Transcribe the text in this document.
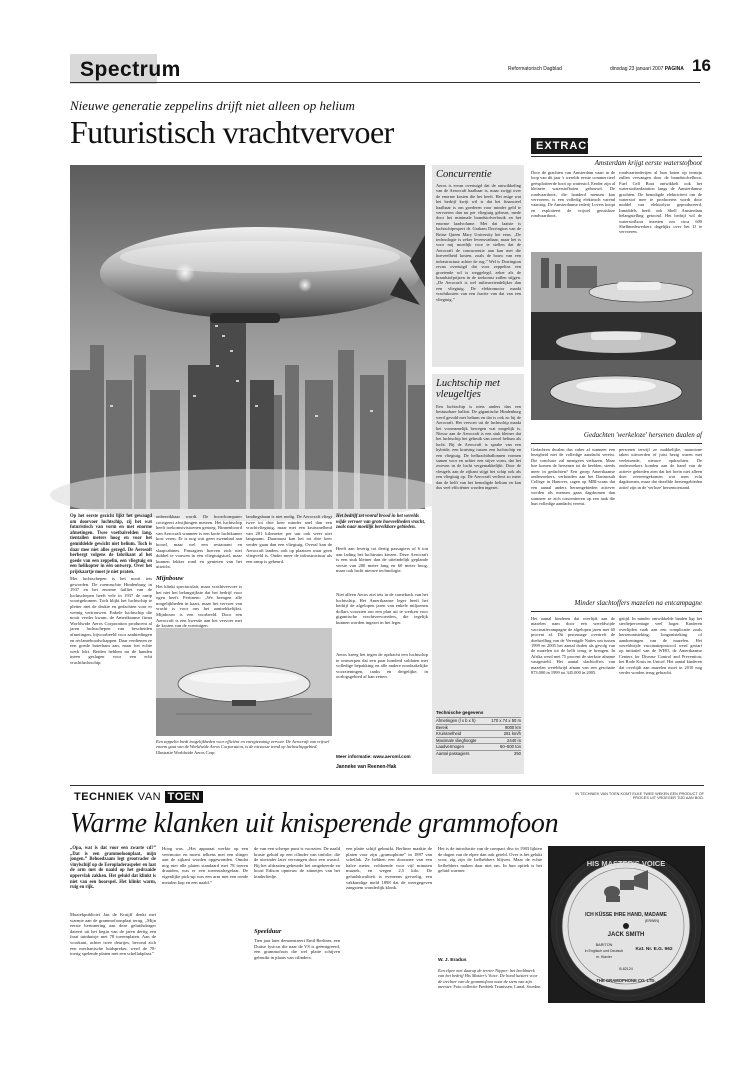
Spectrum	Reformatorisch Dagblad	dinsdag 23 januari 2007 PAGINA 16
Nieuwe generatie zeppelins drijft niet alleen op helium
Futuristisch vrachtvervoer
Concurrentie
Aeros is ervan overtuigd dat de ontwikkeling van de Aerocraft haalbaar is, maar zwijgt over de enorme kosten die het heeft. Het enige wat het bedrijf kwijt wil is dat het financieel haalbaar is om goederen voor minder geld te vervoeren dan nu per vliegtuig gebeurt, mede door het minimale brandstofverbruik en het enorme laadvolume. Met dat laatste is luchtschipexpert dr. Graham Dorrington van de Britse Queen Mary University het eens. „De technologie is zeker levensvatbaar, maar het is voor mij moeilijk voor te stellen dat de Aerocraft de concurrentie aan kan met die hoeveelheid kosten, zoals de bouw van een infrastructuur achter de rug.” Wel is Dorrington ervan overtuigd dat voor zeppelins een groeiende rol is weggelegd, zeker als de brandstofprijzen in de toekomst zullen stijgen. „De Aerocraft is wel milieuvriendelijker dan een vliegtuig. De elektromotor maakt vrachtkosten van een fractie van dat van een vliegtuig.”
Luchtschip met vleugeltjes
Een luchtschip is niets anders dan een bestuurbare ballon. De gigantische Hindenburg werd gevuld met helium en dat is ook zo bij de Aerocraft. Het vervoer uit de luchtschip maakt het voornamelijk bewegen wat mogelijk is. Nieuw aan de Aerocraft is een stuk kleiner dat het luchtschip het gebruik van zowel helium als lucht. Bij de Aerocraft is sprake van een hybride, een kruising tussen een luchtschip en een vliegtuig. De hefkrachtballonnen vormen samen voor en achter een stijve vorm, dat het zweven in de lucht vergemakkelijkt. Door de vleugels aan de zijkant stijgt het schip ook als een vliegtuig op. De Aerocraft verliest zo meer dan de helft van het benodigde helium en kan dus veel efficiënter worden ingezet.
Technische gegevens
Afmetingen (l x b x h)	170 x 74 x 50 m
Bereik	9000 km
Kruissnelheid	281 km/h
Maximale vlieghoogte	2440 m
Laadvermogen	60–500 ton
Aantal passagiers	250
Op het eerste gezicht lijkt het gewaagd om doorvoer luchtschip, zij het wat futuristisch van vorm en met enorme afmetingen. Twee voetbalvelden lang, tientallen meters hoog en voor het gemiddelde gewicht niet helium. Toch is daar mee niet alles gezegd. De Aerosoft herbergt volgens de fabrikant al het goede van een zeppelin, een vliegtuig en een helikopter in één ontwerp. Over het prijskaartje moet je niet praten.
Met luchtschepen is het nooit iets geworden. De roemruchte Hindenburg in 1937 en het enorme failliet van de luchtschepen heeft vele in 1937 de ramp voortgekomen. Toch blijkt het luchtschip te pletter met de drukte en gedachten voor er weinig vertrouwen. Enkele luchtschip die nooit verder kwam, de Amerikaanse firma Worldwide Aeros Corporation producent al jaren luchtschepen van bescheiden afmetingen, bijvoorbeeld voor aanbiedingen en reclameboodschappen. Daar verdienen ze een goede boterham aan, maar het echte werk lokt. Beiden hebben nu de handen ineen geslagen voor een echt vrachtluchtschip.
onbereikbaar wordt. De boordcomputer corrigeert afwijkingen meteen. Het luchtschip heeft toekomstvisioenen genoeg. Binnenboord van Aerocraft wanneer is een korte luchtkamer kost veren. Er is nog wat geen zwembad aan boord, maar wel een restaurant en slaapcabines. Passagiers hoeven zich niet dubbel te vouwen in een vliegtuigstoel, maar kunnen lekker rond en genieten van het uitzicht.
Mijnbouw
Het klinkt spectaculair, maar vrachtvervoer is het niet het belangrijkste dat het bedrijf voor ogen heeft. Pertinent: „We brengen alle mogelijkheden in kaart, maar het vervoer van vracht is voor ons het aantrekkelijkst. Mijnbouw is een voorbeeld. Door een Aerocraft is een kwestie aan het vervoer met de kosten van de voertuigen.
landingsbaan is niet nodig. De Aerocraft vliegt twee tot drie keer minder snel dan een vrachtvliegtuig, maar met een kruissnelheid van 281 kilometer per uur ook weer niet langzaam. Daarnaast kan het tot drie keer verder gaan dan een vliegtuig. Overal kan de Aerocraft landen, ook op plaatsen waar geen vliegveld is. Onder meer de infrastructuur als een ramp is gebeurd.
Een zeppelin biedt mogelijkheden voor efficiënt en energiezuinig vervoer. De Aerocraft van vrijwel enorm gaat van de Worldwide Aeros Corporation, is de nieuwste trend op luchtschipgebied. Illustratie Worldwide Aeros Corp.
Het bedrijf zet vooral brood in het werelds wijde vervoer van grote hoeveelheden vracht, zoals naar moeilijk bereikbare gebieden.
Heeft aan leverig tot dertig passagiers of 6 ton aan lading het luchtruim kiezen. Deze Aerocraft is een stuk kleiner dan de uiteindelijk geplande versie van 200 meter lang en 60 meter hoog, maar ook lucht nieuwe technologie.
Niet alleen Aeros ziet iets in de comeback van het luchtschip. Het Amerikaanse leger heeft het bedrijf de afgelopen jaren van enkele miljoenen dollars voorzien om een plan uit te werken voor gigantische vrachtvervoerders, die tegelijk kunnen worden ingezet in het leger.
Aeros kreeg het tegen de opdracht een luchtschip te ontwerpen dat een paar honderd soldaten met volledige bepakking en alle andere noodzakelijke voorzieningen, tanks en dergelijke, in oorlogsgebied af kan zetten.
Meer informatie: www.aeroml.com
Janneke van Reenen-Hak
EXTRACT
Amsterdam krijgt eerste waterstofboot
Door de grachten van Amsterdam vaart in de loop van dit jaar 's werelds eerste commercieel geëxploiteerde boot op waterstof. Eerder zijn al kleinere waterstofboten gebouwd. De rondvaartboot, die honderd mensen kan vervoeren, is een volledig elektrisch varend vaartuig. De Amsterdamse rederij Lovers koopt en exploiteert de vrijwel geruisloze rondvaartboot.
rondvaartrederijen al hun boten op termijn zullen vervangen door de brandstofcelboot. Fuel Cell Boat ontwikkelt ook het waterstoftankstation langs de Amsterdamse grachten. De benodigde elektriciteit om de waterstof mee te produceren wordt door middel van elektrolyse geproduceerd. Inmiddels heeft ook Shell Amsterdam belangstelling getoond. Het bedrijf wil de waterstofboot inzetten om circa 600 Shellmedewerkers dagelijks over het IJ te vervoeren.
Gedachten 'werkeloze' hersenen dualen af
Gedachten dwalen dus vaker af wanneer een bezigheid niet de volledige aandacht vereist. Die conclusie zal menigeen verbazen. Maar hoe komen de hersenen tot de beelden, steeds meer in gedachten? Een groep Amerikaanse onderzoekers, verbonden aan het Dartmouth College in Hanover, ragen op MRI-scans dat een aantal anders hersengebieden actiever worden als mensen gaan dagdromen dan wanneer ze zich concentreren op een taak die hun volledige aandacht vereist.
personen terwijl ze makkelijke, monotone taken uitvoerden of juist bezig waren met veeleisende, nieuwe opdrachten. De onderzoekers konden aan de hand van de actieve gebieden zien dat het brein niet alleen doet overeengekomen wat men echt dagdromen, maar dat dezelfde hersengebieden actief zijn in de 'verloze' hersentoestand.
Minder slachtoffers mazelen na entcampagne
Het aantal kinderen dat overlijdt aan de mazelen nam door een wereldwijde vaccinatiecampagne de afgelopen jaren met 60 procent af. Dit percentage overtreft de doelstelling van de Verenigde Naties om tussen 1999 en 2005 het aantal doden als gevolg van de mazelen tot de helft terug te brengen. In Afrika werd met 75 procent de sterkste afname vastgesteld. Het aantal slachtoffers van mazelen wereldwijd afnam van een geschatte 873.000 in 1999 tot 345.000 in 2005.
getijd. In minder ontwikkelde landen ligt het sterftepercentage veel hoger. Kinderen overlijden vaak aan een complicatie zoals hersenontsteking, longontsteking of aandoeningen van de mazelen. Het wereldwijde vaccinatieprotocol werd gestart op initiatief van de WHO, de Amerikaanse Centers for Disease Control and Prevention, het Rode Kruis en Unicef. Het aantal kinderen dat overlijdt aan mazelen moet in 2010 nog verder worden terug gebracht.
TECHNIEK VAN TOEN	IN TECHNIEK VAN TOEN KOMT ELKE TWEE WEKEN EEN PRODUCT OF PROCES UIT VROEGER TIJD AAN BOD.
Warme klanken uit knisperende grammofoon
„Opa, wat is dat voor een zwarte cd?” „Dat is een grammofoonplaat, mijn jongen.” Behoedzaam legt grootvader de vinylschijf op de Eeropladeraspeler en laat de arm met de naald op het gedraaide oppervlak zakken. Het geluid dat klinkt is niet van een hoorspel. Het klinkt warm, ruig en rijk.
Muziekpubliciet Jan de Kruijff denkt met warmte aan de grammofoonplaat terug. „Mijn eerste herinnering aan deze geluidsdrager dateert uit het begin van de jaren dertig een fraai tuinhuisje met 78 toerenplaten. Aan de voorkant, achter twee deurtjes, bevond zich een mechanische luidspreker, werd de 78-toerig spelende platen met een schellakplaat.”
Hoog was. „Het apparaat werkte op een veermotor en moest telkens met een slinger aan de zijkant worden opgewonden. Omdat nog niet alle platen standaard met 78 toeren draaiden, was er een toerentalregelaar. De eigenlijke pick-up was een arm met een ronde metalen kop en een naald.”
de van een scherpe punt is voorzien. De naald kraste geluid op een cilinder van tinfolie, die de uitvinder later vervangen door een wasrol. Bij het afdraaien gebeurde het omgekeerde en hoort Edison opnieuw de zinnetjes van het kinderliedje.
Speelduur
Tien jaar later demonstreert Emil Berliner, een Duitse fysicus die naar de VS is geëmigreerd, een grammofoon die wel platte schijven gebruikt in plaats van cilinders.
een platte schijf gebruikt. Berliner maakte de platen voor zijn „gramophone” in 1897 van schellak. Ze hebben een doorsnee van een halve meter, voldoende voor vijf minuten muziek, en wegen 2,5 kilo. De geluidskwaliteit is eveneens gevoelig, een vakkundige meld 1898 dat de weergegeven zangstem wonderlijk klonk.
Het is de introductie van de compact disc in 1983 lijkten de dagen van de elpee dan ook geteld. Over is het gelukt voor, zig zijn de liefhebbers blijven. Maar de echte liefhebbers maken daar niet om. In hun optiek is het geluid warmer.
W. J. Eradus
Een elpee met daarop de terrier Nipper: het beeldmerk van het bedrijf His Master's Voice. De hond luistert voor de trechter van de grammofoon naar de stem van zijn meester. Foto collectie Fredriek Teunissen, Lunal, Sweden
HIS MASTER'S VOICE
ICH KÜSSE IHRE HAND, MADAME
(ERWIN)
JACK SMITH
BARITON
in Englisch und Deutsch
m. Klavier
Kat. Nr. E.G. 962
B-82124
THE GRAMOPHONE CO. LTD.
